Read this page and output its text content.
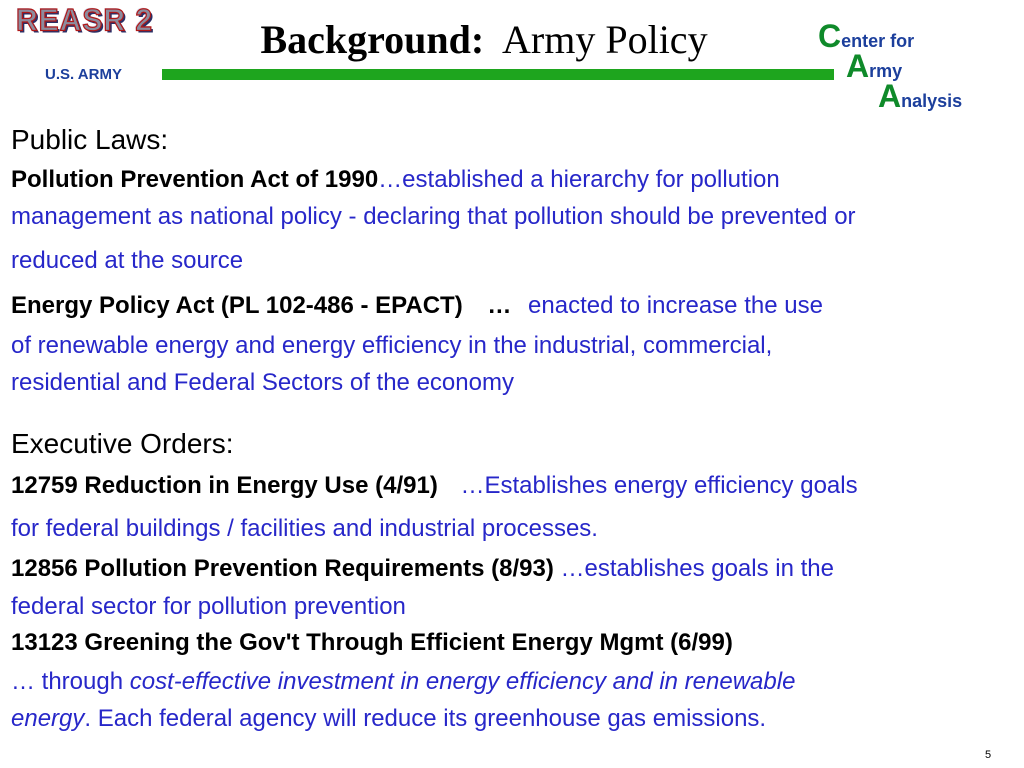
REASR 2
U.S. ARMY
Background: Army Policy	Center for
Army
Analysis
Public Laws:
Pollution Prevention Act of 1990…established a hierarchy for pollution
management as national policy - declaring that pollution should be prevented or
reduced at the source
Energy Policy Act (PL 102-486 - EPACT) … enacted to increase the use
of renewable energy and energy efficiency in the industrial, commercial,
residential and Federal Sectors of the economy
Executive Orders:
12759 Reduction in Energy Use (4/91) …Establishes energy efficiency goals
for federal buildings / facilities and industrial processes.
12856 Pollution Prevention Requirements (8/93) …establishes goals in the
federal sector for pollution prevention
13123 Greening the Gov't Through Efficient Energy Mgmt (6/99)
… through cost-effective investment in energy efficiency and in renewable
energy. Each federal agency will reduce its greenhouse gas emissions.
5
